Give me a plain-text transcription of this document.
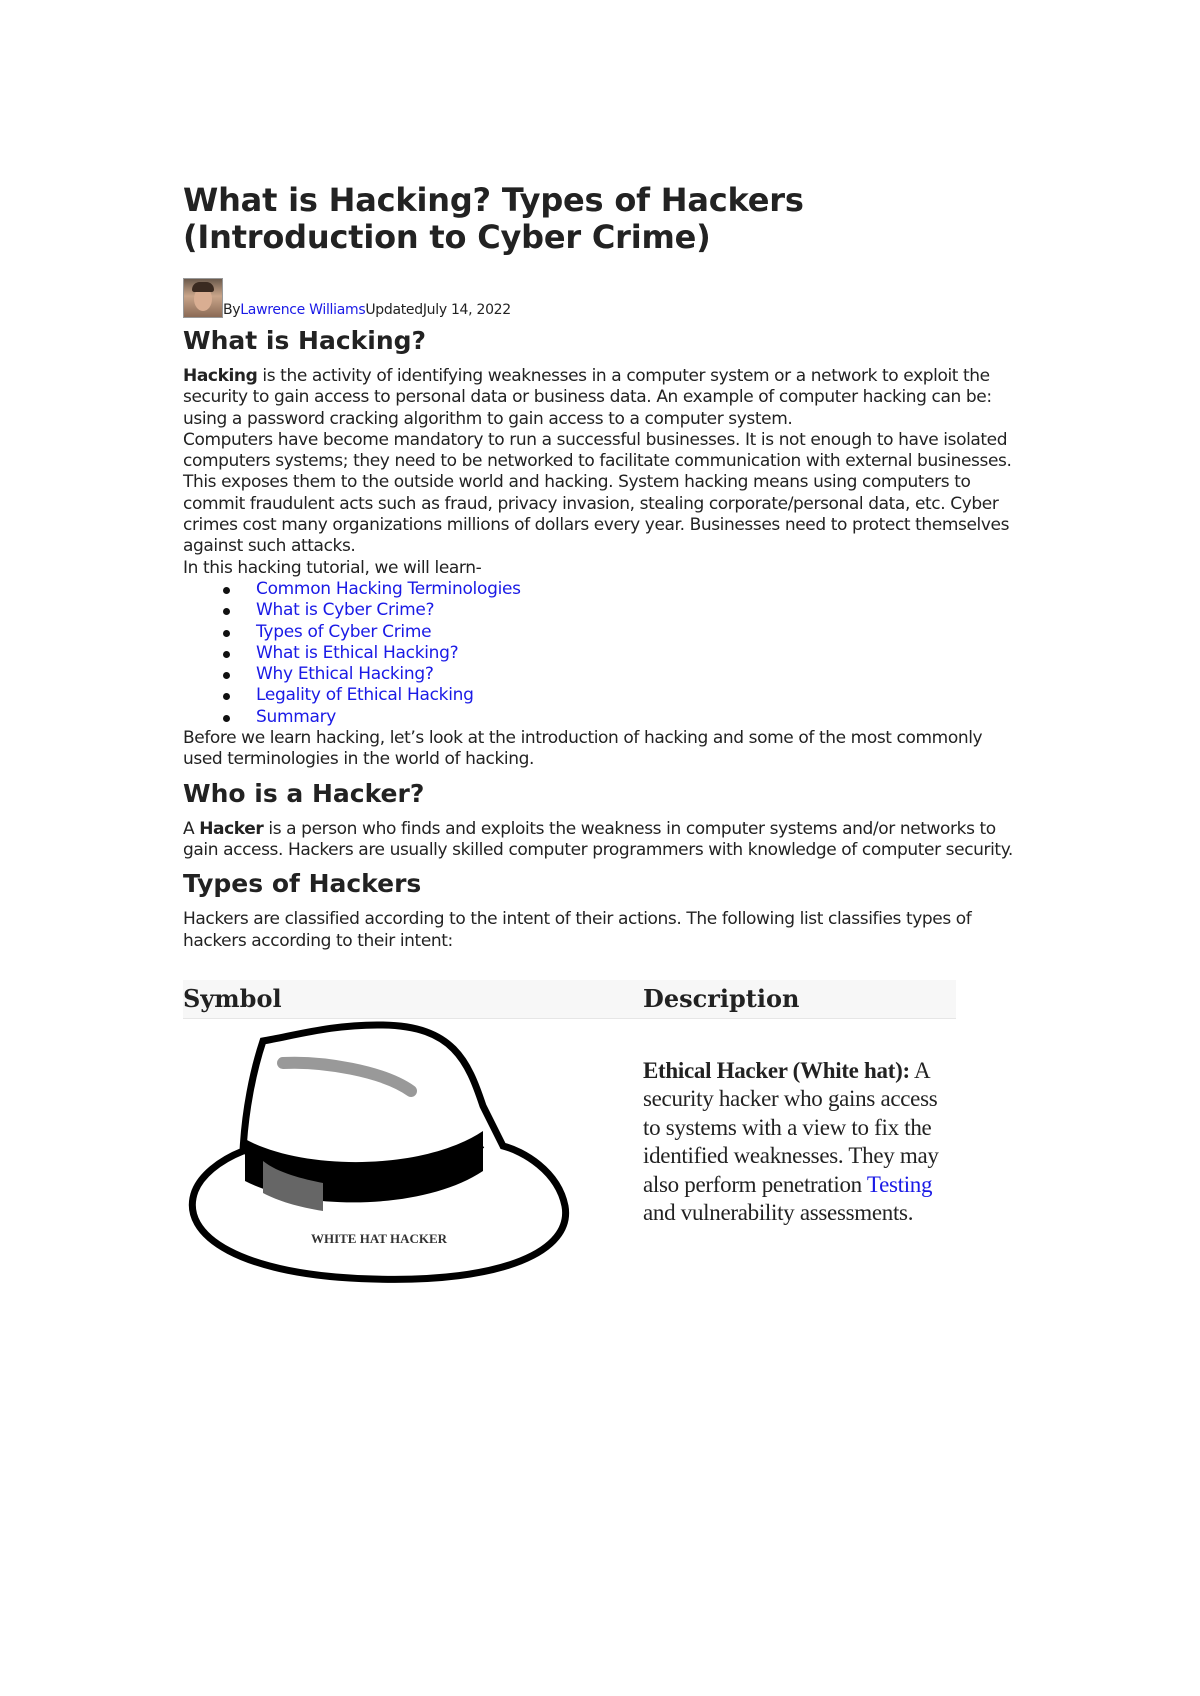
What is Hacking? Types of Hackers (Introduction to Cyber Crime)
By Lawrence Williams Updated July 14, 2022
What is Hacking?

Hacking is the activity of identifying weaknesses in a computer system or a network to exploit the security to gain access to personal data or business data. An example of computer hacking can be: using a password cracking algorithm to gain access to a computer system.

Computers have become mandatory to run a successful businesses. It is not enough to have isolated computers systems; they need to be networked to facilitate communication with external businesses. This exposes them to the outside world and hacking. System hacking means using computers to commit fraudulent acts such as fraud, privacy invasion, stealing corporate/personal data, etc. Cyber crimes cost many organizations millions of dollars every year. Businesses need to protect themselves against such attacks.

In this hacking tutorial, we will learn-

Common Hacking Terminologies
What is Cyber Crime?
Types of Cyber Crime
What is Ethical Hacking?
Why Ethical Hacking?
Legality of Ethical Hacking
Summary

Before we learn hacking, let’s look at the introduction of hacking and some of the most commonly used terminologies in the world of hacking.

Who is a Hacker?

A Hacker is a person who finds and exploits the weakness in computer systems and/or networks to gain access. Hackers are usually skilled computer programmers with knowledge of computer security.

Types of Hackers

Hackers are classified according to the intent of their actions. The following list classifies types of hackers according to their intent:

Symbol	Description

WHITE HAT HACKER	Ethical Hacker (White hat): A security hacker who gains access to systems with a view to fix the identified weaknesses. They may also perform penetration Testing and vulnerability assessments.
